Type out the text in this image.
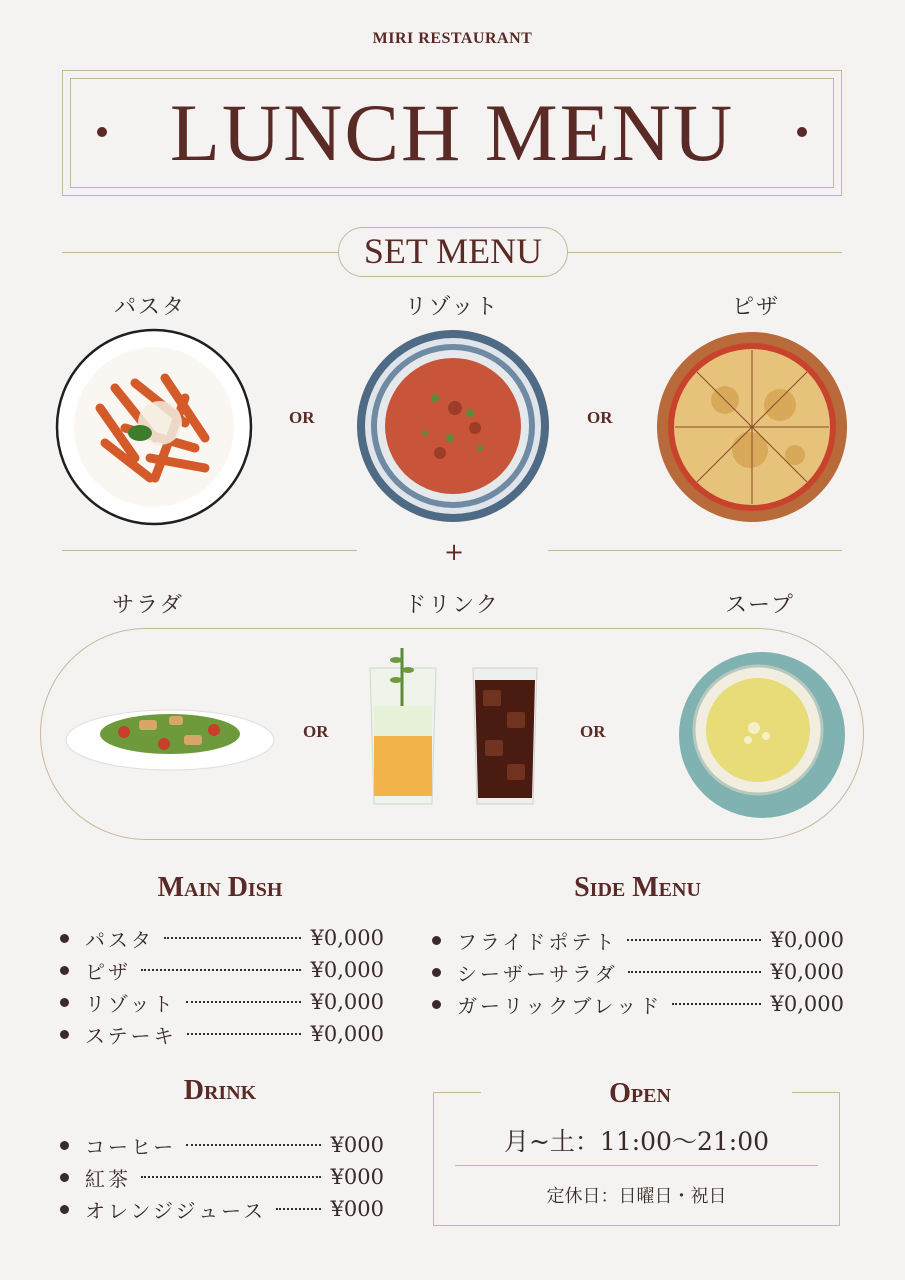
MIRI RESTAURANT
LUNCH MENU
SET MENU
パスタ	リゾット	ピザ
OR	OR
+
サラダ	ドリンク	スープ
OR	OR
Main Dish
パスタ	¥0,000
ピザ	¥0,000
リゾット	¥0,000
ステーキ	¥0,000
Side Menu
フライドポテト	¥0,000
シーザーサラダ	¥0,000
ガーリックブレッド	¥0,000
Drink
コーヒー	¥000
紅茶	¥000
オレンジジュース	¥000
Open
月~土：11:00〜21:00
定休日：日曜日・祝日
